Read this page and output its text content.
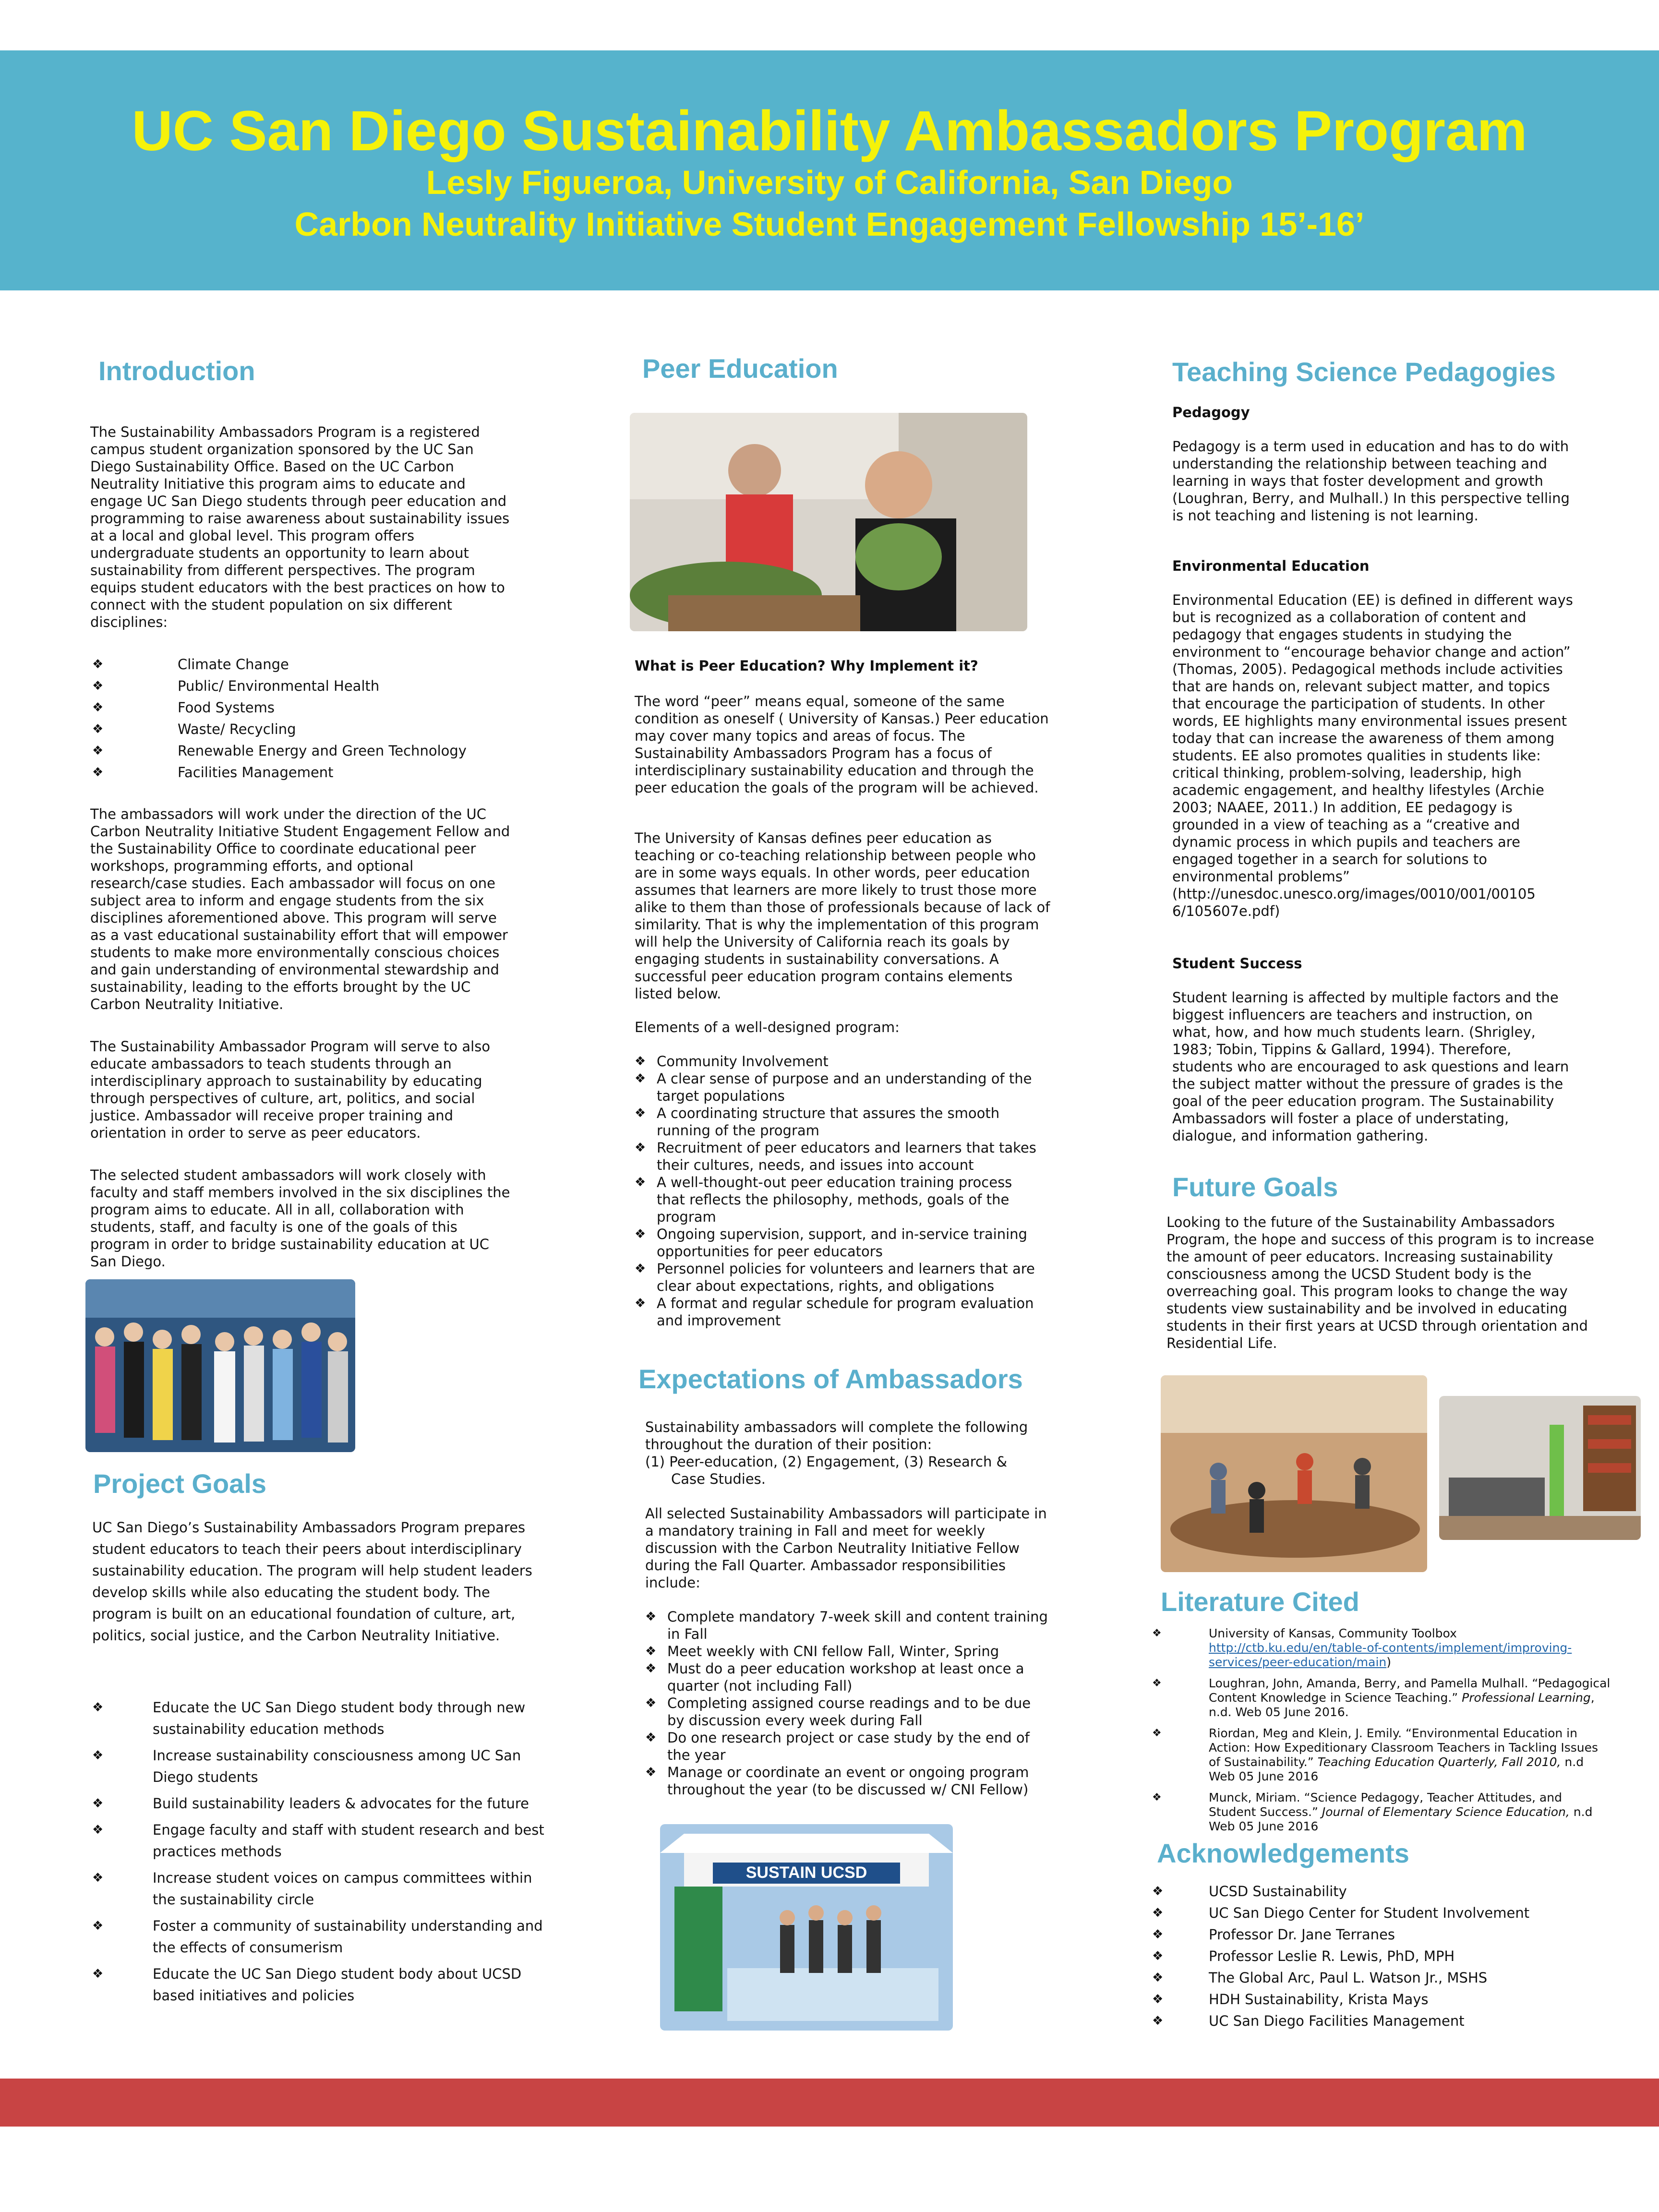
UC San Diego Sustainability Ambassadors Program
Lesly Figueroa, University of California, San Diego
Carbon Neutrality Initiative Student Engagement Fellowship 15’-16’
Introduction

The Sustainability Ambassadors Program is a registered campus student organization sponsored by the UC San Diego Sustainability Office. Based on the UC Carbon Neutrality Initiative this program aims to educate and engage UC San Diego students through peer education and programming to raise awareness about sustainability issues at a local and global level. This program offers undergraduate students an opportunity to learn about sustainability from different perspectives. The program equips student educators with the best practices on how to connect with the student population on six different disciplines:

❖	Climate Change
❖	Public/ Environmental Health
❖	Food Systems
❖	Waste/ Recycling
❖	Renewable Energy and Green Technology
❖	Facilities Management

The ambassadors will work under the direction of the UC Carbon Neutrality Initiative Student Engagement Fellow and the Sustainability Office to coordinate educational peer workshops, programming efforts, and optional research/case studies. Each ambassador will focus on one subject area to inform and engage students from the six disciplines aforementioned above. This program will serve as a vast educational sustainability effort that will empower students to make more environmentally conscious choices and gain understanding of environmental stewardship and sustainability, leading to the efforts brought by the UC Carbon Neutrality Initiative.

The Sustainability Ambassador Program will serve to also educate ambassadors to teach students through an interdisciplinary approach to sustainability by educating through perspectives of culture, art, politics, and social justice. Ambassador will receive proper training and orientation in order to serve as peer educators.

The selected student ambassadors will work closely with faculty and staff members involved in the six disciplines the program aims to educate. All in all, collaboration with students, staff, and faculty is one of the goals of this program in order to bridge sustainability education at UC San Diego.

Project Goals

UC San Diego’s Sustainability Ambassadors Program prepares student educators to teach their peers about interdisciplinary sustainability education. The program will help student leaders develop skills while also educating the student body. The program is built on an educational foundation of culture, art, politics, social justice, and the Carbon Neutrality Initiative.

❖	Educate the UC San Diego student body through new sustainability education methods
❖	Increase sustainability consciousness among UC San Diego students
❖	Build sustainability leaders & advocates for the future
❖	Engage faculty and staff with student research and best practices methods
❖	Increase student voices on campus committees within the sustainability circle
❖	Foster a community of sustainability understanding and the effects of consumerism
❖	Educate the UC San Diego student body about UCSD based initiatives and policies
Peer Education
What is Peer Education? Why Implement it?

The word “peer” means equal, someone of the same condition as oneself ( University of Kansas.) Peer education may cover many topics and areas of focus. The Sustainability Ambassadors Program has a focus of interdisciplinary sustainability education and through the peer education the goals of the program will be achieved.

The University of Kansas defines peer education as teaching or co-teaching relationship between people who are in some ways equals. In other words, peer education assumes that learners are more likely to trust those more alike to them than those of professionals because of lack of similarity. That is why the implementation of this program will help the University of California reach its goals by engaging students in sustainability conversations. A successful peer education program contains elements listed below.

Elements of a well-designed program:
❖ Community Involvement
❖ A clear sense of purpose and an understanding of the target populations
❖ A coordinating structure that assures the smooth running of the program
❖ Recruitment of peer educators and learners that takes their cultures, needs, and issues into account
❖ A well-thought-out peer education training process that reflects the philosophy, methods, goals of the program
❖ Ongoing supervision, support, and in-service training opportunities for peer educators
❖ Personnel policies for volunteers and learners that are clear about expectations, rights, and obligations
❖ A format and regular schedule for program evaluation and improvement
Expectations of Ambassadors

Sustainability ambassadors will complete the following throughout the duration of their position:

(1) Peer-education, (2) Engagement, (3) Research &
Case Studies.

All selected Sustainability Ambassadors will participate in a mandatory training in Fall and meet for weekly discussion with the Carbon Neutrality Initiative Fellow during the Fall Quarter. Ambassador responsibilities include:

❖ Complete mandatory 7-week skill and content training in Fall
❖ Meet weekly with CNI fellow Fall, Winter, Spring
❖ Must do a peer education workshop at least once a quarter (not including Fall)
❖ Completing assigned course readings and to be due by discussion every week during Fall
❖ Do one research project or case study by the end of the year
❖ Manage or coordinate an event or ongoing program throughout the year (to be discussed w/ CNI Fellow)
SUSTAIN UCSD
Teaching Science Pedagogies
Pedagogy

Pedagogy is a term used in education and has to do with understanding the relationship between teaching and learning in ways that foster development and growth (Loughran, Berry, and Mulhall.) In this perspective telling is not teaching and listening is not learning.

Environmental Education

Environmental Education (EE) is defined in different ways but is recognized as a collaboration of content and pedagogy that engages students in studying the environment to “encourage behavior change and action” (Thomas, 2005). Pedagogical methods include activities that are hands on, relevant subject matter, and topics that encourage the participation of students. In other words, EE highlights many environmental issues present today that can increase the awareness of them among students. EE also promotes qualities in students like: critical thinking, problem-solving, leadership, high academic engagement, and healthy lifestyles (Archie 2003; NAAEE, 2011.) In addition, EE pedagogy is grounded in a view of teaching as a “creative and dynamic process in which pupils and teachers are engaged together in a search for solutions to environmental problems” (http://unesdoc.unesco.org/images/0010/001/00105 6/105607e.pdf)

Student Success

Student learning is affected by multiple factors and the biggest influencers are teachers and instruction, on what, how, and how much students learn. (Shrigley, 1983; Tobin, Tippins & Gallard, 1994). Therefore, students who are encouraged to ask questions and learn the subject matter without the pressure of grades is the goal of the peer education program. The Sustainability Ambassadors will foster a place of understating, dialogue, and information gathering.

Future Goals

Looking to the future of the Sustainability Ambassadors Program, the hope and success of this program is to increase the amount of peer educators. Increasing sustainability consciousness among the UCSD Student body is the overreaching goal. This program looks to change the way students view sustainability and be involved in educating students in their first years at UCSD through orientation and Residential Life.

Literature Cited
❖	University of Kansas, Community Toolbox
http://ctb.ku.edu/en/table-of-contents/implement/improving-services/peer-education/main)
❖	Loughran, John, Amanda, Berry, and Pamella Mulhall. “Pedagogical Content Knowledge in Science Teaching.” Professional Learning, n.d. Web 05 June 2016.
❖	Riordan, Meg and Klein, J. Emily. “Environmental Education in Action: How Expeditionary Classroom Teachers in Tackling Issues of Sustainability.” Teaching Education Quarterly, Fall 2010, n.d Web 05 June 2016
❖	Munck, Miriam. “Science Pedagogy, Teacher Attitudes, and Student Success.” Journal of Elementary Science Education, n.d Web 05 June 2016
Acknowledgements
❖	UCSD Sustainability
❖	UC San Diego Center for Student Involvement
❖	Professor Dr. Jane Terranes
❖	Professor Leslie R. Lewis, PhD, MPH
❖	The Global Arc, Paul L. Watson Jr., MSHS
❖	HDH Sustainability, Krista Mays
❖	UC San Diego Facilities Management
